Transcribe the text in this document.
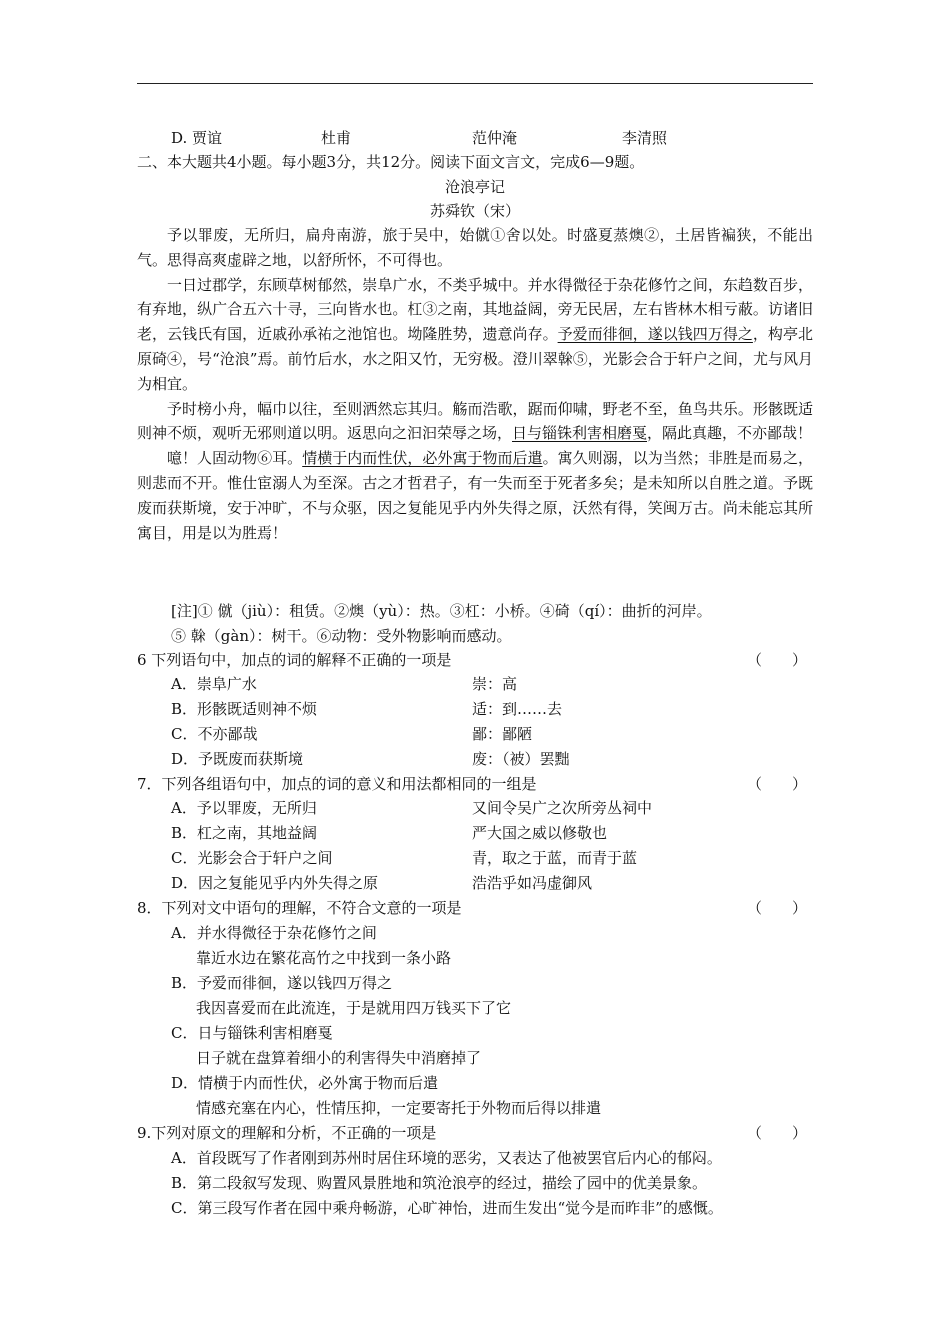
D. 贾谊	杜甫	范仲淹	李清照
二、本大题共4小题。每小题3分，共12分。阅读下面文言文，完成6—9题。
沧浪亭记
苏舜钦（宋）

予以罪废，无所归，扁舟南游，旅于吴中，始僦①舍以处。时盛夏蒸燠②，土居皆褊狭，不能出气。思得高爽虚辟之地，以舒所怀，不可得也。

一日过郡学，东顾草树郁然，崇阜广水，不类乎城中。并水得微径于杂花修竹之间，东趋数百步，有弃地，纵广合五六十寻，三向皆水也。杠③之南，其地益阔，旁无民居，左右皆林木相亏蔽。访诸旧老，云钱氏有国，近戚孙承祐之池馆也。坳隆胜势，遗意尚存。予爱而徘徊，遂以钱四万得之，构亭北原碕④，号“沧浪”焉。前竹后水，水之阳又竹，无穷极。澄川翠榦⑤，光影会合于轩户之间，尤与风月为相宜。

予时榜小舟，幅巾以往，至则洒然忘其归。觞而浩歌，踞而仰啸，野老不至，鱼鸟共乐。形骸既适则神不烦，观听无邪则道以明。返思向之汩汩荣辱之场，日与锱铢利害相磨戛，隔此真趣，不亦鄙哉！

噫！人固动物⑥耳。情横于内而性伏，必外寓于物而后遣。寓久则溺，以为当然；非胜是而易之，则悲而不开。惟仕宦溺人为至深。古之才哲君子，有一失而至于死者多矣；是未知所以自胜之道。予既废而获斯境，安于冲旷，不与众驱，因之复能见乎内外失得之原，沃然有得，笑闽万古。尚未能忘其所寓目，用是以为胜焉！

[注]① 僦（jiù）：租赁。②燠（yù）：热。③杠：小桥。④碕（qí）：曲折的河岸。
⑤ 榦（gàn）：树干。⑥动物：受外物影响而感动。
6 下列语句中，加点的词的解释不正确的一项是	（　　）
A．崇阜广水	崇：高
B．形骸既适则神不烦	适：到……去
C．不亦鄙哉	鄙：鄙陋
D．予既废而获斯境	废：（被）罢黜
7．下列各组语句中，加点的词的意义和用法都相同的一组是	（　　）
A．予以罪废，无所归	又间令吴广之次所旁丛祠中
B．杠之南，其地益阔	严大国之威以修敬也
C．光影会合于轩户之间	青，取之于蓝，而青于蓝
D．因之复能见乎内外失得之原	浩浩乎如冯虚御风
8．下列对文中语句的理解，不符合文意的一项是	（　　）
A．并水得微径于杂花修竹之间
靠近水边在繁花高竹之中找到一条小路
B．予爱而徘徊，遂以钱四万得之
我因喜爱而在此流连，于是就用四万钱买下了它
C．日与锱铢利害相磨戛
日子就在盘算着细小的利害得失中消磨掉了
D．情横于内而性伏，必外寓于物而后遣
情感充塞在内心，性情压抑，一定要寄托于外物而后得以排遣
9.下列对原文的理解和分析，不正确的一项是	（　　）
A．首段既写了作者刚到苏州时居住环境的恶劣，又表达了他被罢官后内心的郁闷。
B．第二段叙写发现、购置风景胜地和筑沧浪亭的经过，描绘了园中的优美景象。
C．第三段写作者在园中乘舟畅游，心旷神怡，进而生发出“觉今是而昨非”的感慨。
